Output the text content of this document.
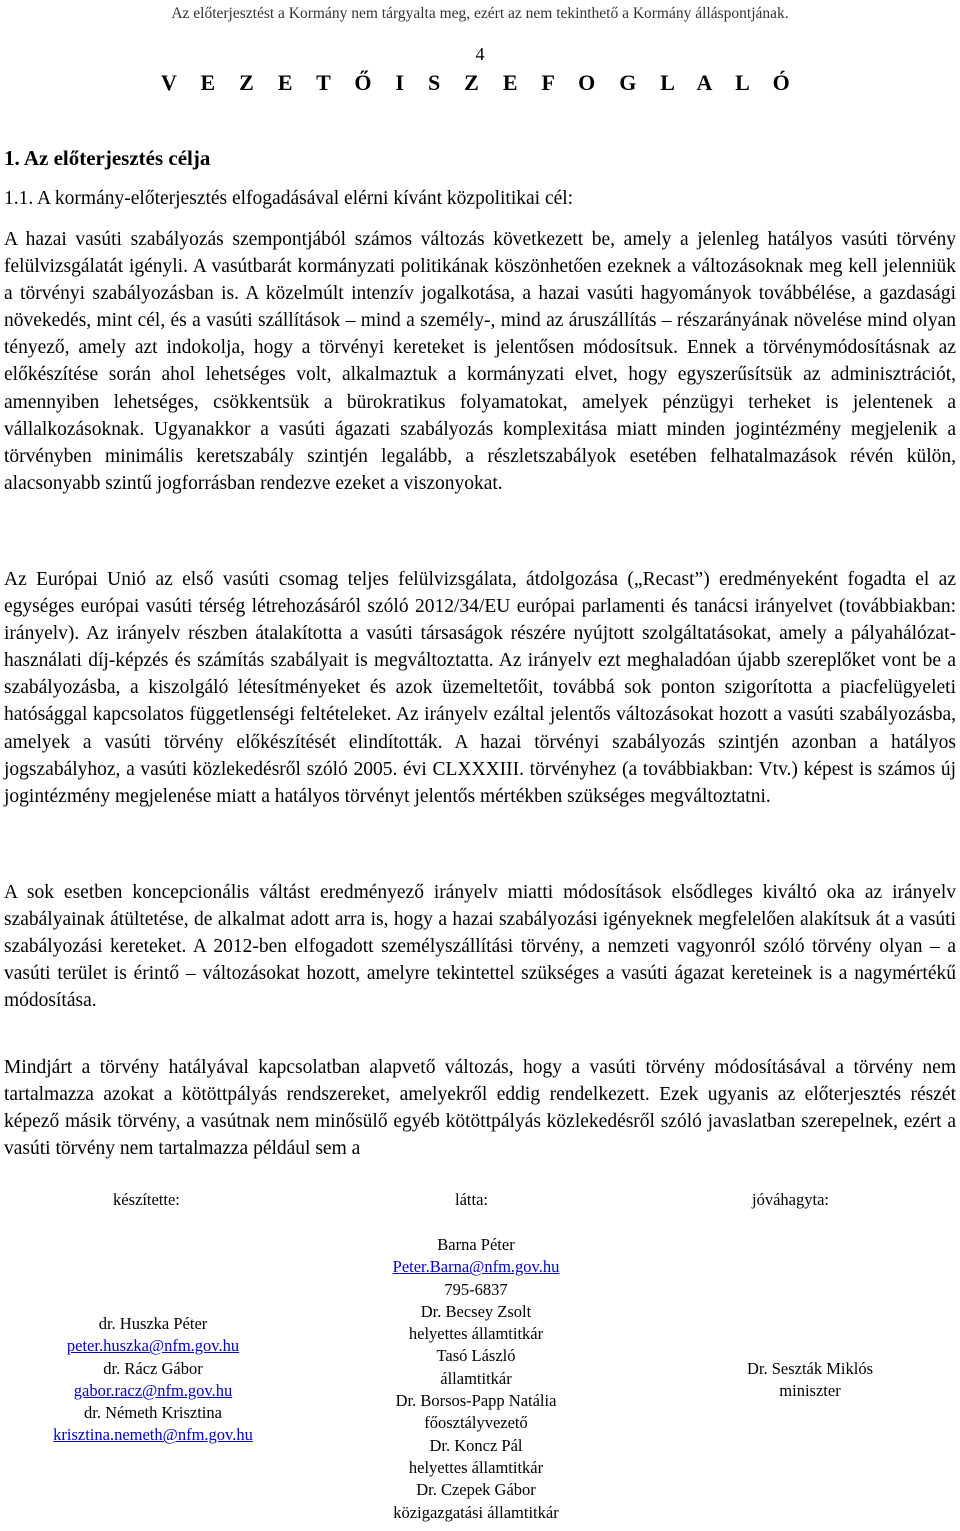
Az előterjesztést a Kormány nem tárgyalta meg, ezért az nem tekinthető a Kormány álláspontjának.
4
V E Z E T Ő I S Z E F O G L A L Ó
1. Az előterjesztés célja
1.1. A kormány-előterjesztés elfogadásával elérni kívánt közpolitikai cél:

A hazai vasúti szabályozás szempontjából számos változás következett be, amely a jelenleg hatályos vasúti törvény felülvizsgálatát igényli. A vasútbarát kormányzati politikának köszönhetően ezeknek a változásoknak meg kell jelenniük a törvényi szabályozásban is. A közelmúlt intenzív jogalkotása, a hazai vasúti hagyományok továbbélése, a gazdasági növekedés, mint cél, és a vasúti szállítások – mind a személy-, mind az áruszállítás – részarányának növelése mind olyan tényező, amely azt indokolja, hogy a törvényi kereteket is jelentősen módosítsuk. Ennek a törvénymódosításnak az előkészítése során ahol lehetséges volt, alkalmaztuk a kormányzati elvet, hogy egyszerűsítsük az adminisztrációt, amennyiben lehetséges, csökkentsük a bürokratikus folyamatokat, amelyek pénzügyi terheket is jelentenek a vállalkozásoknak. Ugyanakkor a vasúti ágazati szabályozás komplexitása miatt minden jogintézmény megjelenik a törvényben minimális keretszabály szintjén legalább, a részletszabályok esetében felhatalmazások révén külön, alacsonyabb szintű jogforrásban rendezve ezeket a viszonyokat.

Az Európai Unió az első vasúti csomag teljes felülvizsgálata, átdolgozása („Recast”) eredményeként fogadta el az egységes európai vasúti térség létrehozásáról szóló 2012/34/EU európai parlamenti és tanácsi irányelvet (továbbiakban: irányelv). Az irányelv részben átalakította a vasúti társaságok részére nyújtott szolgáltatásokat, amely a pályahálózat-használati díj-képzés és számítás szabályait is megváltoztatta. Az irányelv ezt meghaladóan újabb szereplőket vont be a szabályozásba, a kiszolgáló létesítményeket és azok üzemeltetőit, továbbá sok ponton szigorította a piacfelügyeleti hatósággal kapcsolatos függetlenségi feltételeket. Az irányelv ezáltal jelentős változásokat hozott a vasúti szabályozásba, amelyek a vasúti törvény előkészítését elindították. A hazai törvényi szabályozás szintjén azonban a hatályos jogszabályhoz, a vasúti közlekedésről szóló 2005. évi CLXXXIII. törvényhez (a továbbiakban: Vtv.) képest is számos új jogintézmény megjelenése miatt a hatályos törvényt jelentős mértékben szükséges megváltoztatni.

A sok esetben koncepcionális váltást eredményező irányelv miatti módosítások elsődleges kiváltó oka az irányelv szabályainak átültetése, de alkalmat adott arra is, hogy a hazai szabályozási igényeknek megfelelően alakítsuk át a vasúti szabályozási kereteket. A 2012-ben elfogadott személyszállítási törvény, a nemzeti vagyonról szóló törvény olyan – a vasúti terület is érintő – változásokat hozott, amelyre tekintettel szükséges a vasúti ágazat kereteinek is a nagymértékű módosítása.

Mindjárt a törvény hatályával kapcsolatban alapvető változás, hogy a vasúti törvény módosításával a törvény nem tartalmazza azokat a kötöttpályás rendszereket, amelyekről eddig rendelkezett. Ezek ugyanis az előterjesztés részét képező másik törvény, a vasútnak nem minősülő egyéb kötöttpályás közlekedésről szóló javaslatban szerepelnek, ezért a vasúti törvény nem tartalmazza például sem a

készítette:	látta:	jóváhagyta:
dr. Huszka Péter
peter.huszka@nfm.gov.hu
dr. Rácz Gábor
gabor.racz@nfm.gov.hu
dr. Németh Krisztina
krisztina.nemeth@nfm.gov.hu
Barna Péter
Peter.Barna@nfm.gov.hu
795-6837
Dr. Becsey Zsolt
helyettes államtitkár
Tasó László
államtitkár
Dr. Borsos-Papp Natália
főosztályvezető
Dr. Koncz Pál
helyettes államtitkár
Dr. Czepek Gábor
közigazgatási államtitkár
Dr. Seszták Miklós
miniszter
